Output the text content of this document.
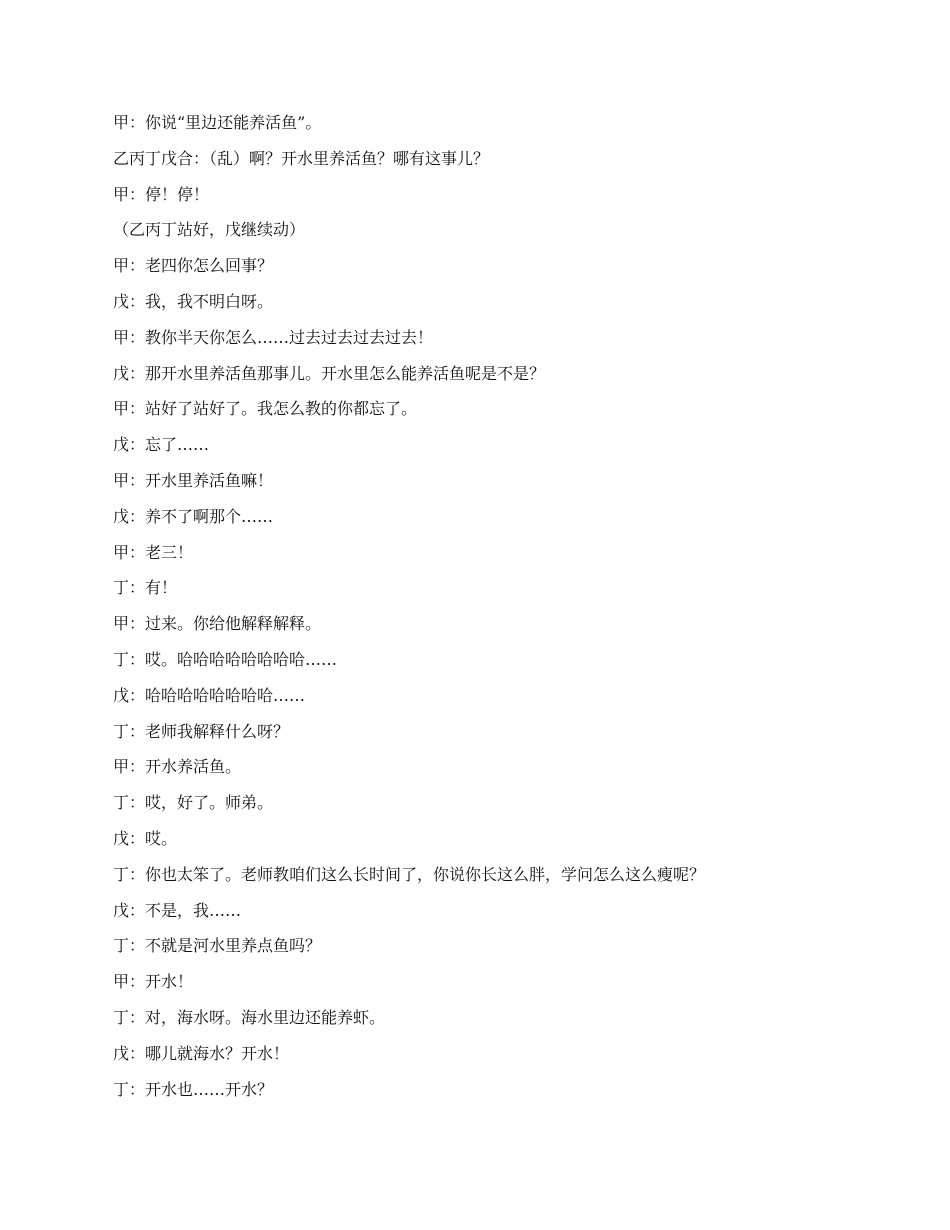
甲：你说“里边还能养活鱼”。
乙丙丁戊合：（乱）啊？开水里养活鱼？哪有这事儿？
甲：停！停！
（乙丙丁站好，戊继续动）
甲：老四你怎么回事？
戊：我，我不明白呀。
甲：教你半天你怎么……过去过去过去过去！
戊：那开水里养活鱼那事儿。开水里怎么能养活鱼呢是不是？
甲：站好了站好了。我怎么教的你都忘了。
戊：忘了……
甲：开水里养活鱼嘛！
戊：养不了啊那个……
甲：老三！
丁：有！
甲：过来。你给他解释解释。
丁：哎。哈哈哈哈哈哈哈哈……
戊：哈哈哈哈哈哈哈哈……
丁：老师我解释什么呀？
甲：开水养活鱼。
丁：哎，好了。师弟。
戊：哎。
丁：你也太笨了。老师教咱们这么长时间了，你说你长这么胖，学问怎么这么瘦呢？
戊：不是，我……
丁：不就是河水里养点鱼吗？
甲：开水！
丁：对，海水呀。海水里边还能养虾。
戊：哪儿就海水？开水！
丁：开水也……开水？
